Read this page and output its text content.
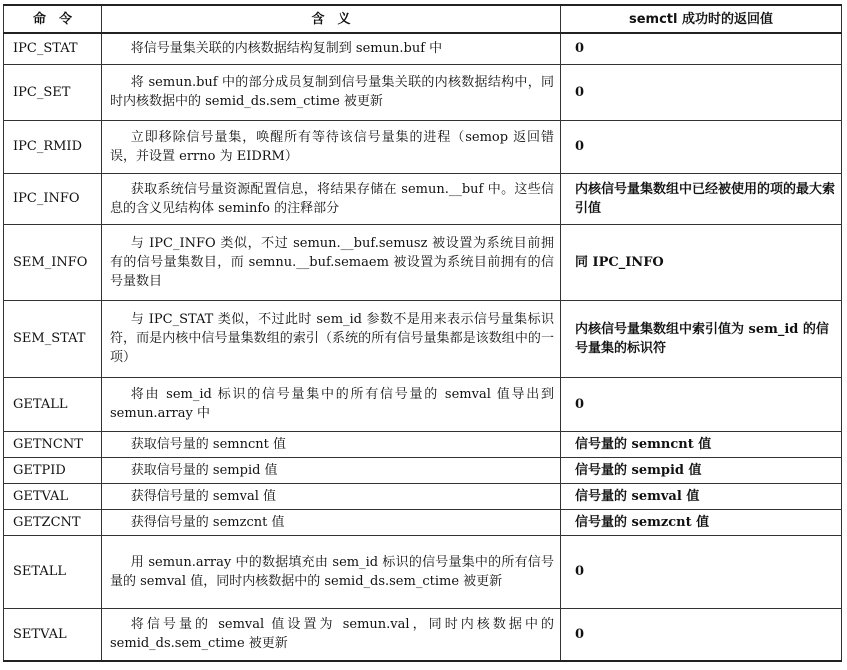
命　令	含　义	semctl 成功时的返回值
IPC_STAT	将信号量集关联的内核数据结构复制到 semun.buf 中	0
IPC_SET	将 semun.buf 中的部分成员复制到信号量集关联的内核数据结构中，同时内核数据中的 semid_ds.sem_ctime 被更新	0
IPC_RMID	立即移除信号量集，唤醒所有等待该信号量集的进程（semop 返回错误，并设置 errno 为 EIDRM）	0
IPC_INFO	获取系统信号量资源配置信息，将结果存储在 semun.__buf 中。这些信息的含义见结构体 seminfo 的注释部分	内核信号量集数组中已经被使用的项的最大索引值
SEM_INFO	与 IPC_INFO 类似，不过 semun.__buf.semusz 被设置为系统目前拥有的信号量集数目，而 semnu.__buf.semaem 被设置为系统目前拥有的信号量数目	同 IPC_INFO
SEM_STAT	与 IPC_STAT 类似，不过此时 sem_id 参数不是用来表示信号量集标识符，而是内核中信号量集数组的索引（系统的所有信号量集都是该数组中的一项）	内核信号量集数组中索引值为 sem_id 的信号量集的标识符
GETALL	将由 sem_id 标识的信号量集中的所有信号量的 semval 值导出到 semun.array 中	0
GETNCNT	获取信号量的 semncnt 值	信号量的 semncnt 值
GETPID	获取信号量的 sempid 值	信号量的 sempid 值
GETVAL	获得信号量的 semval 值	信号量的 semval 值
GETZCNT	获得信号量的 semzcnt 值	信号量的 semzcnt 值
SETALL	用 semun.array 中的数据填充由 sem_id 标识的信号量集中的所有信号量的 semval 值，同时内核数据中的 semid_ds.sem_ctime 被更新	0
SETVAL	将信号量的 semval 值设置为 semun.val，同时内核数据中的 semid_ds.sem_ctime 被更新	0
